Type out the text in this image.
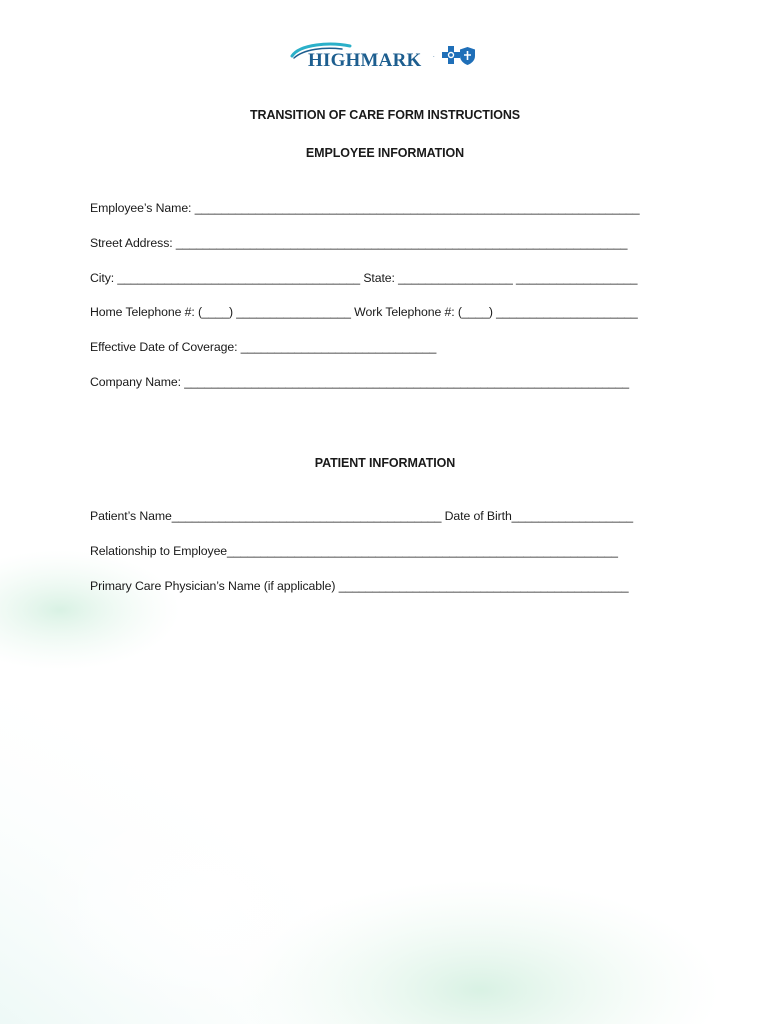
HIGHMARK .
TRANSITION OF CARE FORM INSTRUCTIONS
EMPLOYEE INFORMATION
Employee’s Name: __________________________________________________________________
Street Address: ___________________________________________________________________
City: ____________________________________ State: _________________ __________________
Home Telephone #: (____) _________________ Work Telephone #: (____) _____________________
Effective Date of Coverage: _____________________________
Company Name: __________________________________________________________________
PATIENT INFORMATION
Patient’s Name________________________________________ Date of Birth__________________
Relationship to Employee__________________________________________________________
Primary Care Physician’s Name (if applicable) ___________________________________________
